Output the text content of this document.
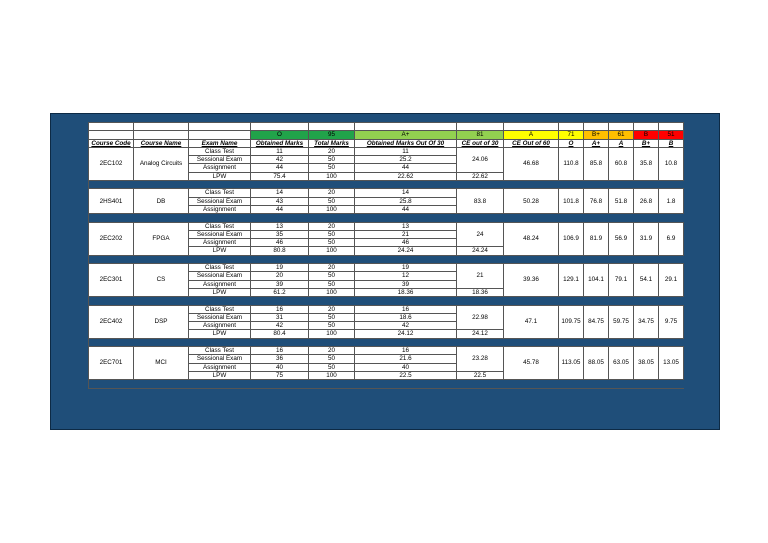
			O	95	A+	81	A	71	B+	61	B	51
Course Code	Course Name	Exam Name	Obtained Marks	Total Marks	Obtained Marks Out Of 30	CE out of 30	CE Out of 60	O	A+	A	B+	B
2EC102	Analog Circuits	Class Test	11	20	11	24.06	46.68	110.8	85.8	60.8	35.8	10.8
		Sessional Exam	42	50	25.2							
		Assignment	44	50	44							
		LPW	75.4	100	22.62	22.62						

2HS401	DB	Class Test	14	20	14	83.8	50.28	101.8	76.8	51.8	26.8	1.8
		Sessional Exam	43	50	25.8							
		Assignment	44	100	44							

2EC202	FPGA	Class Test	13	20	13	24	48.24	106.9	81.9	56.9	31.9	6.9
		Sessional Exam	35	50	21							
		Assignment	46	50	46							
		LPW	80.8	100	24.24	24.24						

2EC301	CS	Class Test	19	20	19	21	39.36	129.1	104.1	79.1	54.1	29.1
		Sessional Exam	20	50	12							
		Assignment	39	50	39							
		LPW	61.2	100	18.36	18.36						

2EC402	DSP	Class Test	16	20	16	22.98	47.1	109.75	84.75	59.75	34.75	9.75
		Sessional Exam	31	50	18.6							
		Assignment	42	50	42							
		LPW	80.4	100	24.12	24.12						

2EC701	MCI	Class Test	16	20	16	23.28	45.78	113.05	88.05	63.05	38.05	13.05
		Sessional Exam	36	50	21.6							
		Assignment	40	50	40							
		LPW	75	100	22.5	22.5						
